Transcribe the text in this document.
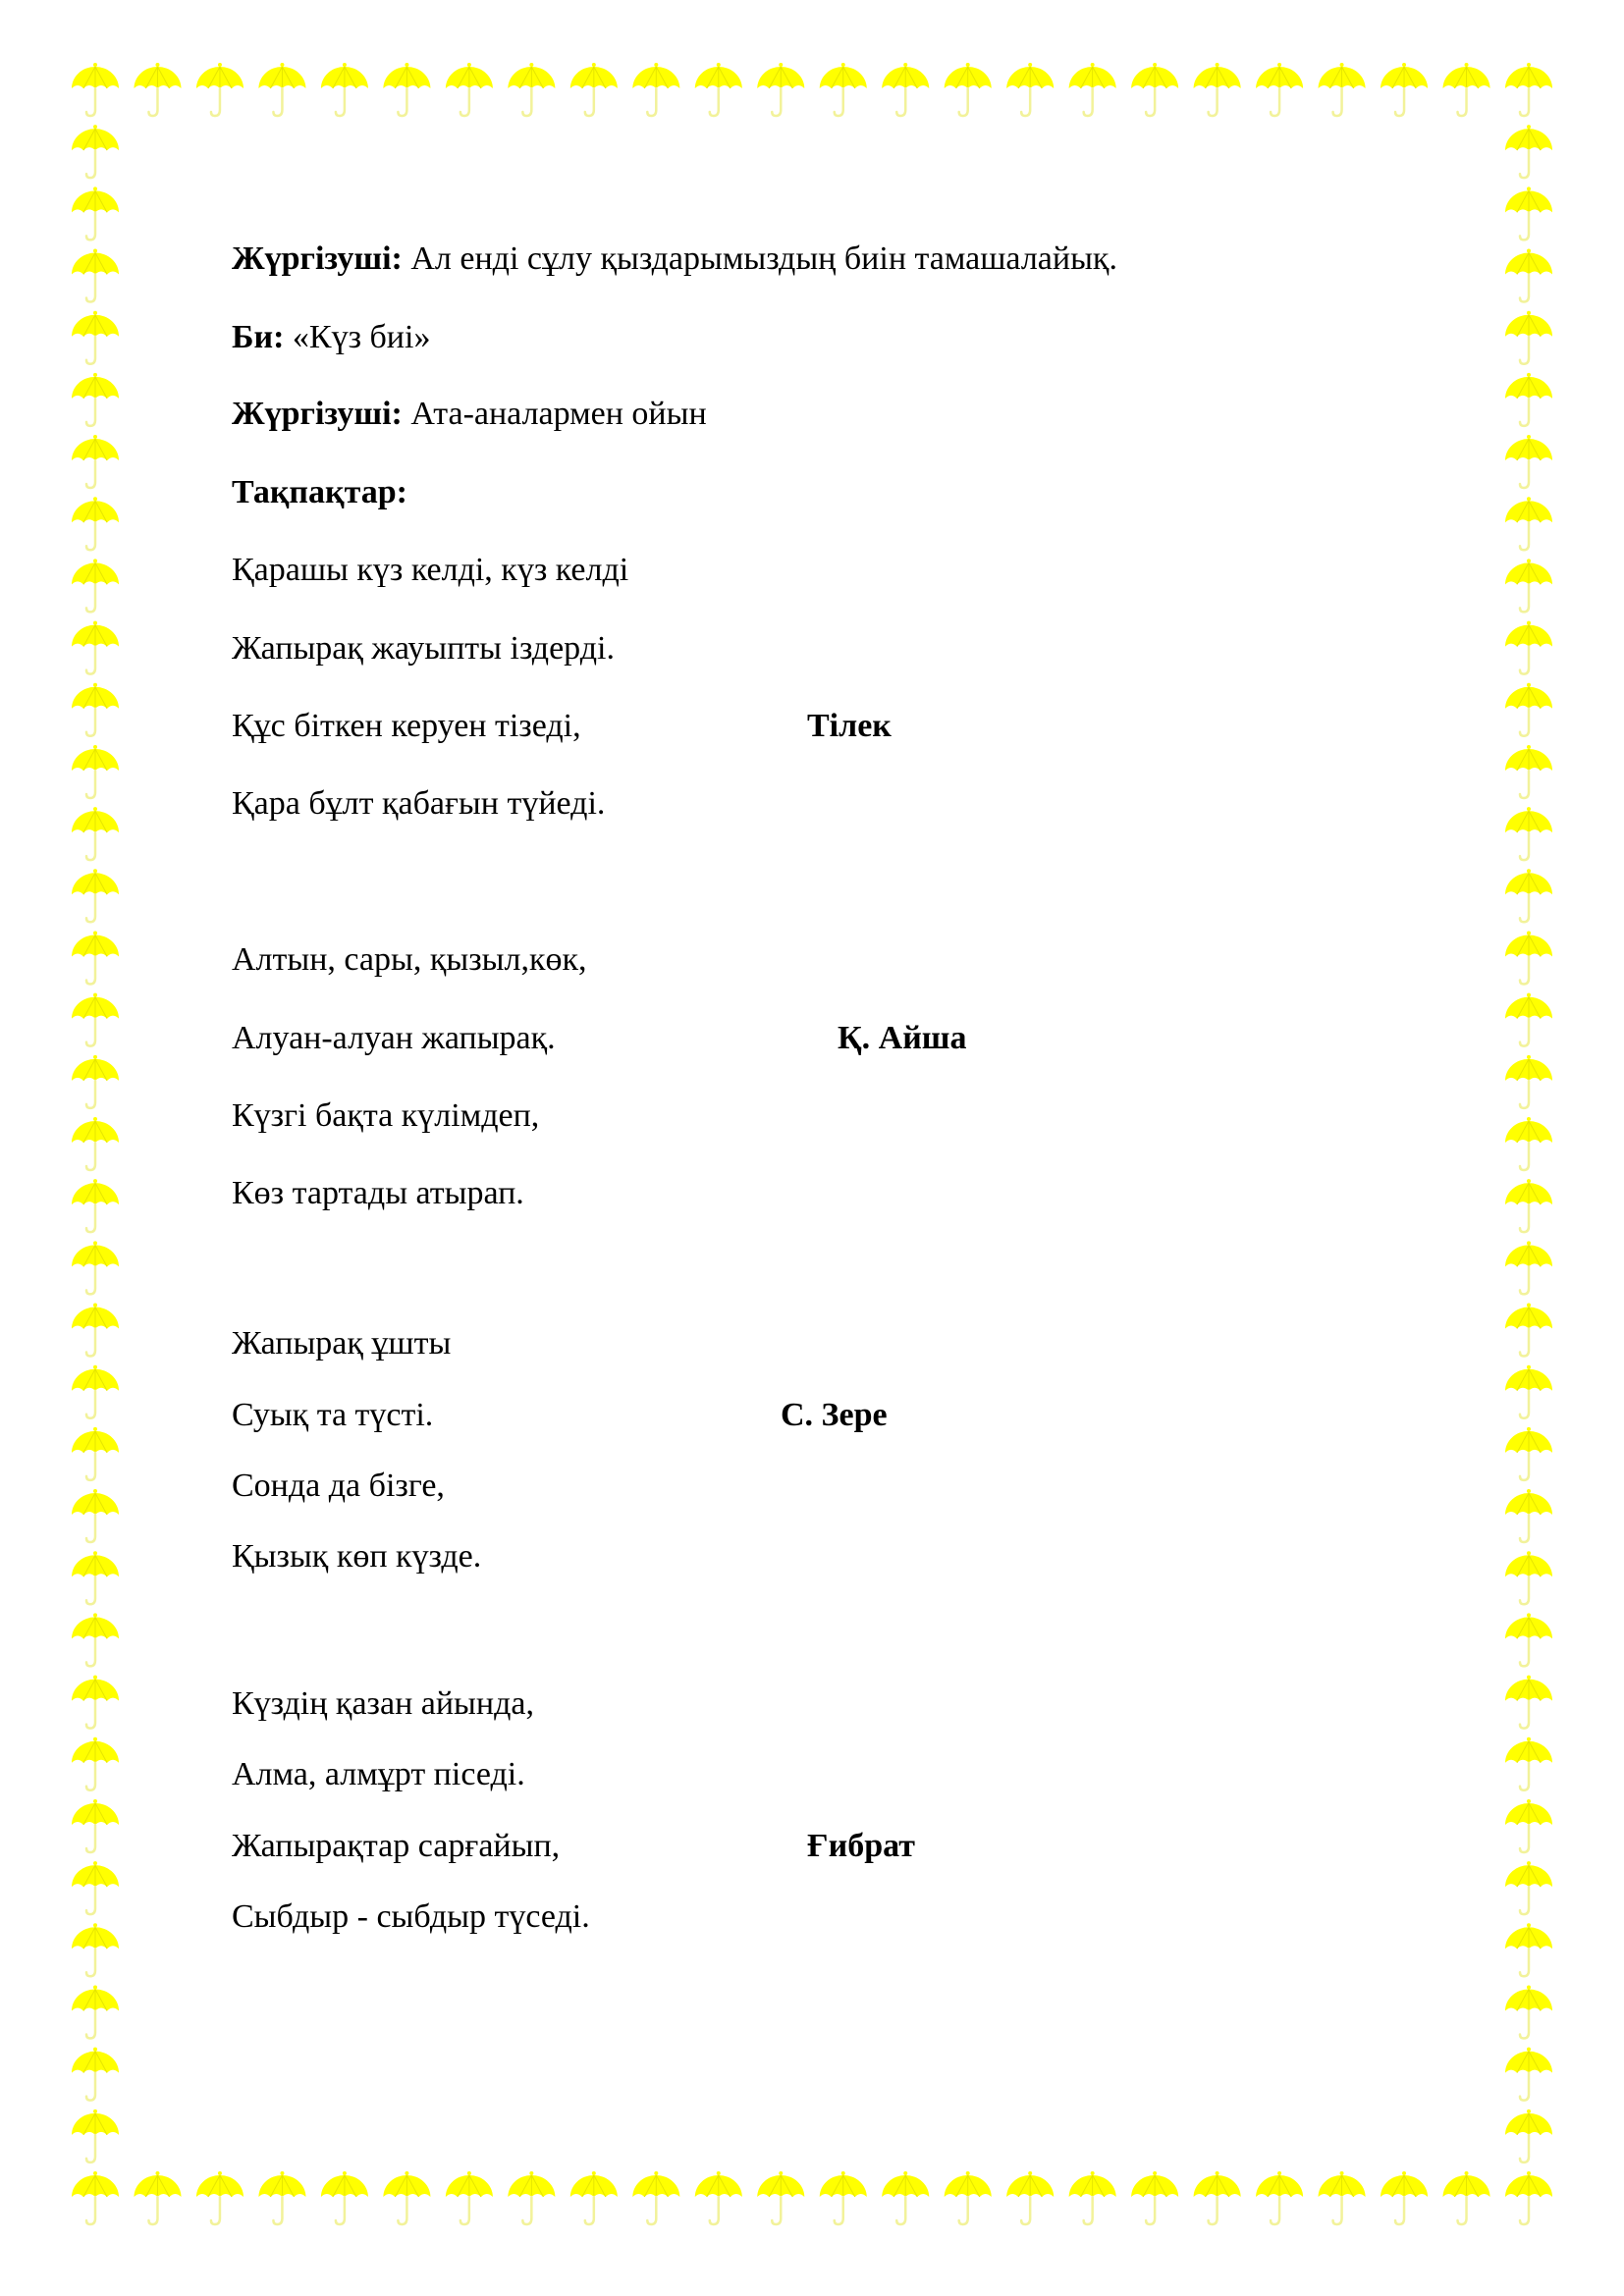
Жүргізуші: Ал енді сұлу қыздарымыздың биін тамашалайық.
Би: «Күз биі»
Жүргізуші: Ата-аналармен ойын
Тақпақтар:
Қарашы күз келді, күз келді
Жапырақ жауыпты іздерді.
Құс біткен керуен тізеді,	Тілек
Қара бұлт қабағын түйеді.
Алтын, сары, қызыл,көк,
Алуан-алуан жапырақ.	Қ. Айша
Күзгі бақта күлімдеп,
Көз тартады атырап.
Жапырақ ұшты
Суық та түсті.	С. Зере
Сонда да бізге,
Қызық көп күзде.
Күздің қазан айында,
Алма, алмұрт піседі.
Жапырақтар сарғайып,	Ғибрат
Сыбдыр - сыбдыр түседі.
